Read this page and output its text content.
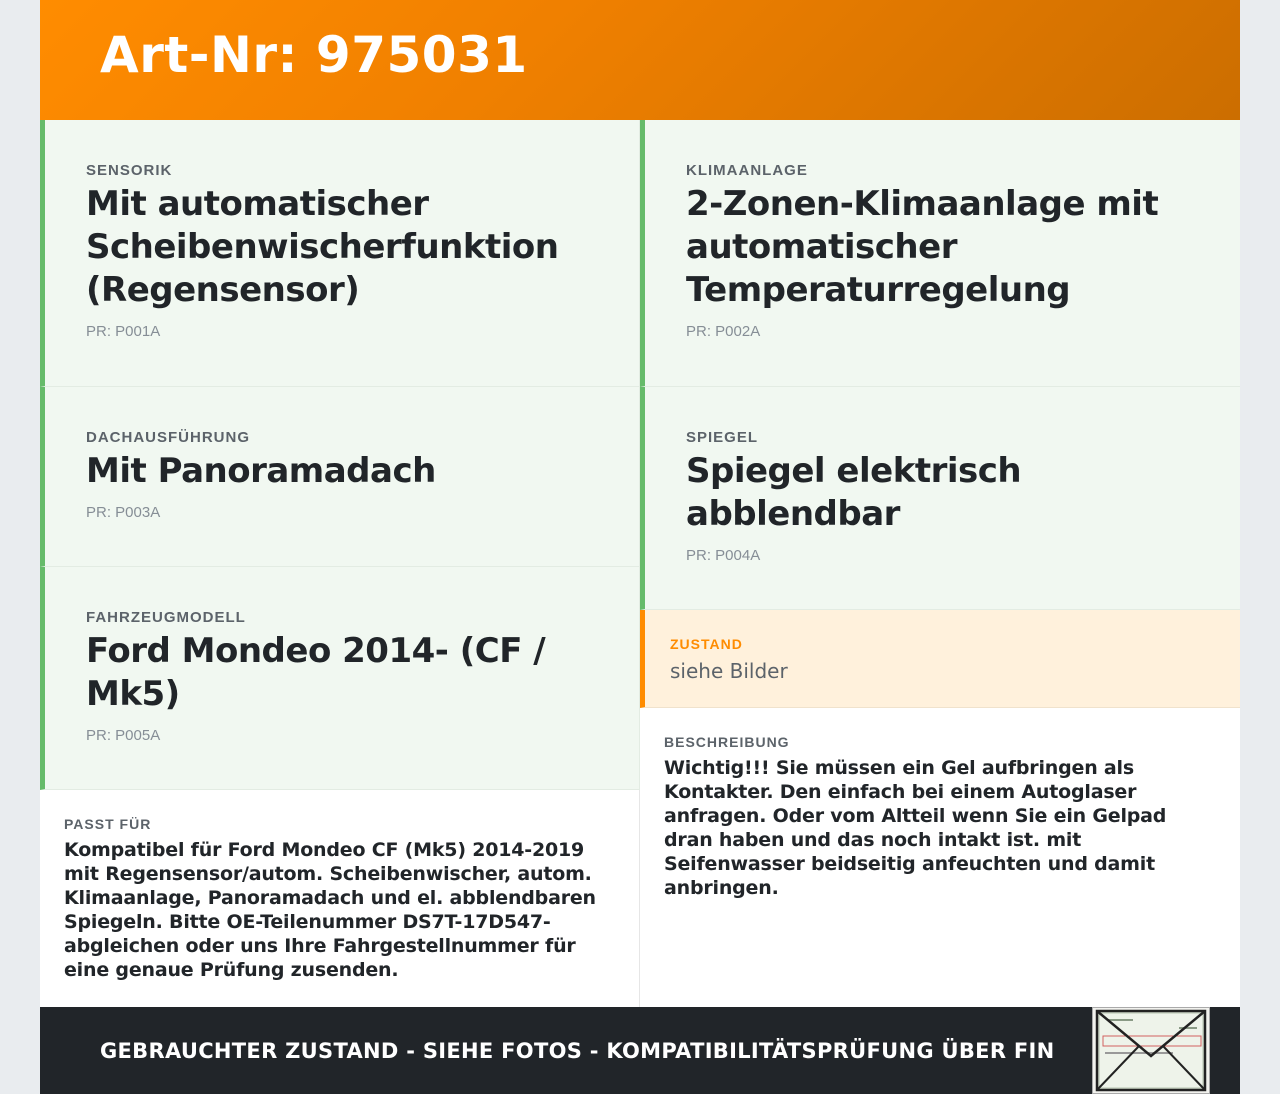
Art-Nr: 975031
SENSORIK
Mit automatischer Scheibenwischerfunktion (Regensensor)
PR: P001A
KLIMAANLAGE
2-Zonen-Klimaanlage mit automatischer Temperaturregelung
PR: P002A
DACHAUSFÜHRUNG
Mit Panoramadach
PR: P003A
SPIEGEL
Spiegel elektrisch abblendbar
PR: P004A
FAHRZEUGMODELL
Ford Mondeo 2014- (CF / Mk5)
PR: P005A
ZUSTAND
siehe Bilder
PASST FÜR
Kompatibel für Ford Mondeo CF (Mk5) 2014-2019 mit Regensensor/autom. Scheibenwischer, autom. Klimaanlage, Panoramadach und el. abblendbaren Spiegeln. Bitte OE-Teilenummer DS7T-17D547- abgleichen oder uns Ihre Fahrgestellnummer für eine genaue Prüfung zusenden.
BESCHREIBUNG
Wichtig!!! Sie müssen ein Gel aufbringen als Kontakter. Den einfach bei einem Autoglaser anfragen. Oder vom Altteil wenn Sie ein Gelpad dran haben und das noch intakt ist. mit Seifenwasser beidseitig anfeuchten und damit anbringen.
GEBRAUCHTER ZUSTAND - SIEHE FOTOS - KOMPATIBILITÄTSPRÜFUNG ÜBER FIN
